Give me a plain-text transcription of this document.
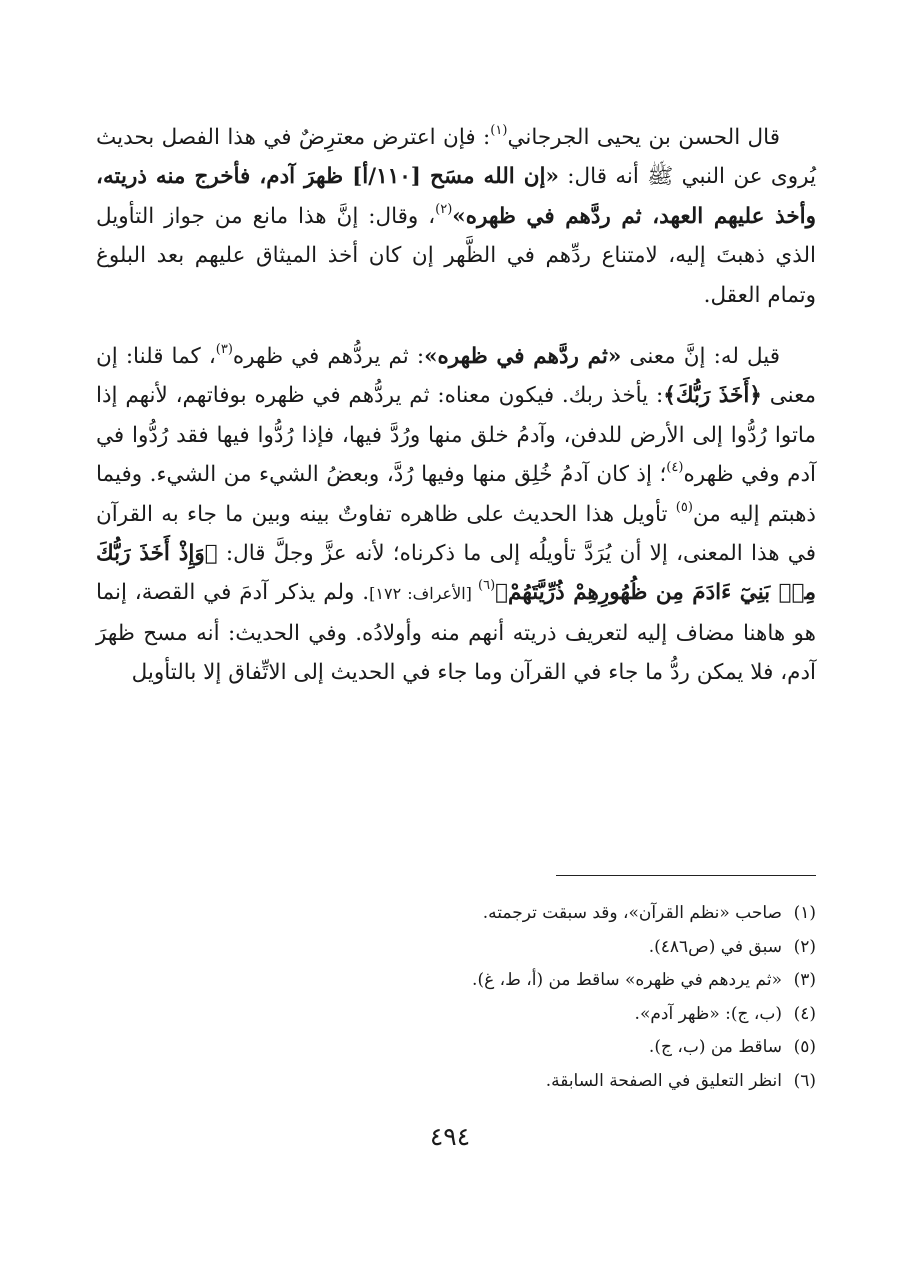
قال الحسن بن يحيى الجرجاني$^{(١)}$: فإن اعترض معترِضٌ في هذا الفصل بحديث يُروى عن النبي ﷺ أنه قال: «إن الله مسَح [١١٠/أ] ظهرَ آدم، فأخرج منه ذريته، وأخذ عليهم العهد، ثم ردَّهم في ظهره»$^{(٢)}$، وقال: إنَّ هذا مانع من جواز التأويل الذي ذهبتَ إليه، لامتناع ردِّهم في الظَّهر إن كان أخذ الميثاق عليهم بعد البلوغ وتمام العقل.

قيل له: إنَّ معنى «ثم ردَّهم في ظهره»: ثم يردُّهم في ظهره$^{(٣)}$، كما قلنا: إن معنى ﴿أَخَذَ رَبُّكَ﴾: يأخذ ربك. فيكون معناه: ثم يردُّهم في ظهره بوفاتهم، لأنهم إذا ماتوا رُدُّوا إلى الأرض للدفن، وآدمُ خلق منها ورُدَّ فيها، فإذا رُدُّوا فيها فقد رُدُّوا في آدم وفي ظهره$^{(٤)}$؛ إذ كان آدمُ خُلِق منها وفيها رُدَّ، وبعضُ الشيء من الشيء. وفيما ذهبتم إليه من$^{(٥)}$ تأويل هذا الحديث على ظاهره تفاوتٌ بينه وبين ما جاء به القرآن في هذا المعنى، إلا أن يُرَدَّ تأويلُه إلى ما ذكرناه؛ لأنه عزَّ وجلَّ قال: ﴿وَإِذْ أَخَذَ رَبُّكَ مِنۢ بَنِيٓ ءَادَمَ مِن ظُهُورِهِمْ ذُرِّيَّتَهُمْ﴾$^{(٦)}$ [الأعراف: ١٧٢]. ولم يذكر آدمَ في القصة، إنما هو هاهنا مضاف إليه لتعريف ذريته أنهم منه وأولادُه. وفي الحديث: أنه مسح ظهرَ آدم، فلا يمكن ردُّ ما جاء في القرآن وما جاء في الحديث إلى الاتِّفاق إلا بالتأويل

(١)صاحب «نظم القرآن»، وقد سبقت ترجمته.
(٢)سبق في (ص٤٨٦).
(٣)«ثم يردهم في ظهره» ساقط من (أ، ط، غ).
(٤)(ب، ج): «ظهر آدم».
(٥)ساقط من (ب، ج).
(٦)انظر التعليق في الصفحة السابقة.
٤٩٤
